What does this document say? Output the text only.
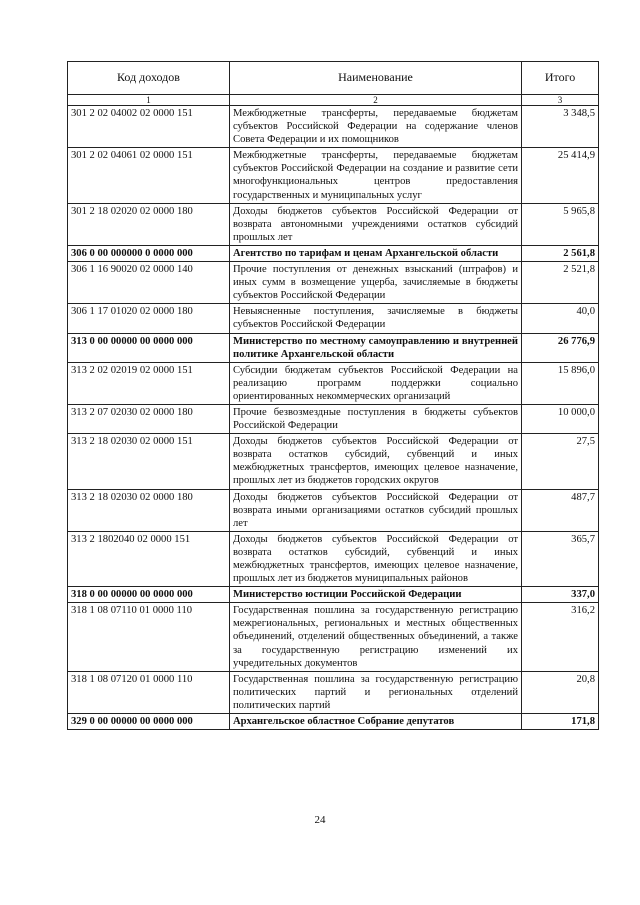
Код доходов	Наименование	Итого
1	2	3
301 2 02 04002 02 0000 151	Межбюджетные трансферты, передаваемые бюджетам субъектов Российской Федерации на содержание членов Совета Федерации и их помощников	3 348,5
301 2 02 04061 02 0000 151	Межбюджетные трансферты, передаваемые бюджетам субъектов Российской Федерации на создание и развитие сети многофункциональных центров предоставления государственных и муниципальных услуг	25 414,9
301 2 18 02020 02 0000 180	Доходы бюджетов субъектов Российской Федерации от возврата автономными учреждениями остатков субсидий прошлых лет	5 965,8
306 0 00 000000 0 0000 000	Агентство по тарифам и ценам Архангельской области	2 561,8
306 1 16 90020 02 0000 140	Прочие поступления от денежных взысканий (штрафов) и иных сумм в возмещение ущерба, зачисляемые в бюджеты субъектов Российской Федерации	2 521,8
306 1 17 01020 02 0000 180	Невыясненные поступления, зачисляемые в бюджеты субъектов Российской Федерации	40,0
313 0 00 00000 00 0000 000	Министерство по местному самоуправлению и внутренней политике Архангельской области	26 776,9
313 2 02 02019 02 0000 151	Субсидии бюджетам субъектов Российской Федерации на реализацию программ поддержки социально ориентированных некоммерческих организаций	15 896,0
313 2 07 02030 02 0000 180	Прочие безвозмездные поступления в бюджеты субъектов Российской Федерации	10 000,0
313 2 18 02030 02 0000 151	Доходы бюджетов субъектов Российской Федерации от возврата остатков субсидий, субвенций и иных межбюджетных трансфертов, имеющих целевое назначение, прошлых лет из бюджетов городских округов	27,5
313 2 18 02030 02 0000 180	Доходы бюджетов субъектов Российской Федерации от возврата иными организациями остатков субсидий прошлых лет	487,7
313 2 1802040 02 0000 151	Доходы бюджетов субъектов Российской Федерации от возврата остатков субсидий, субвенций и иных межбюджетных трансфертов, имеющих целевое назначение, прошлых лет из бюджетов муниципальных районов	365,7
318 0 00 00000 00 0000 000	Министерство юстиции Российской Федерации	337,0
318 1 08 07110 01 0000 110	Государственная пошлина за государственную регистрацию межрегиональных, региональных и местных общественных объединений, отделений общественных объединений, а также за государственную регистрацию изменений их учредительных документов	316,2
318 1 08 07120 01 0000 110	Государственная пошлина за государственную регистрацию политических партий и региональных отделений политических партий	20,8
329 0 00 00000 00 0000 000	Архангельское областное Собрание депутатов	171,8
24
